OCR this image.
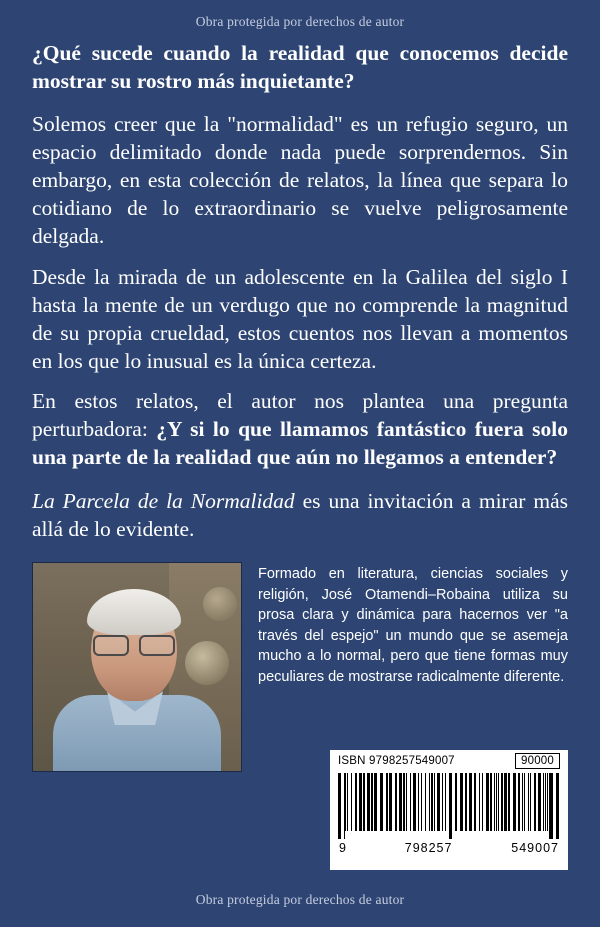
Obra protegida por derechos de autor

¿Qué sucede cuando la realidad que conocemos decide mostrar su rostro más inquietante?

Solemos creer que la "normalidad" es un refugio seguro, un espacio delimitado donde nada puede sorprendernos. Sin embargo, en esta colección de relatos, la línea que separa lo cotidiano de lo extraordinario se vuelve peligrosamente delgada.

Desde la mirada de un adolescente en la Galilea del siglo I hasta la mente de un verdugo que no comprende la magnitud de su propia crueldad, estos cuentos nos llevan a momentos en los que lo inusual es la única certeza.

En estos relatos, el autor nos plantea una pregunta perturbadora: ¿Y si lo que llamamos fantástico fuera solo una parte de la realidad que aún no llegamos a entender?

La Parcela de la Normalidad es una invitación a mirar más allá de lo evidente.

Formado en literatura, ciencias sociales y religión, José Otamendi–Robaina utiliza su prosa clara y dinámica para hacernos ver "a través del espejo" un mundo que se asemeja mucho a lo normal, pero que tiene formas muy peculiares de mostrarse radicalmente diferente.
ISBN 9798257549007	90000
9	798257	549007
Obra protegida por derechos de autor
